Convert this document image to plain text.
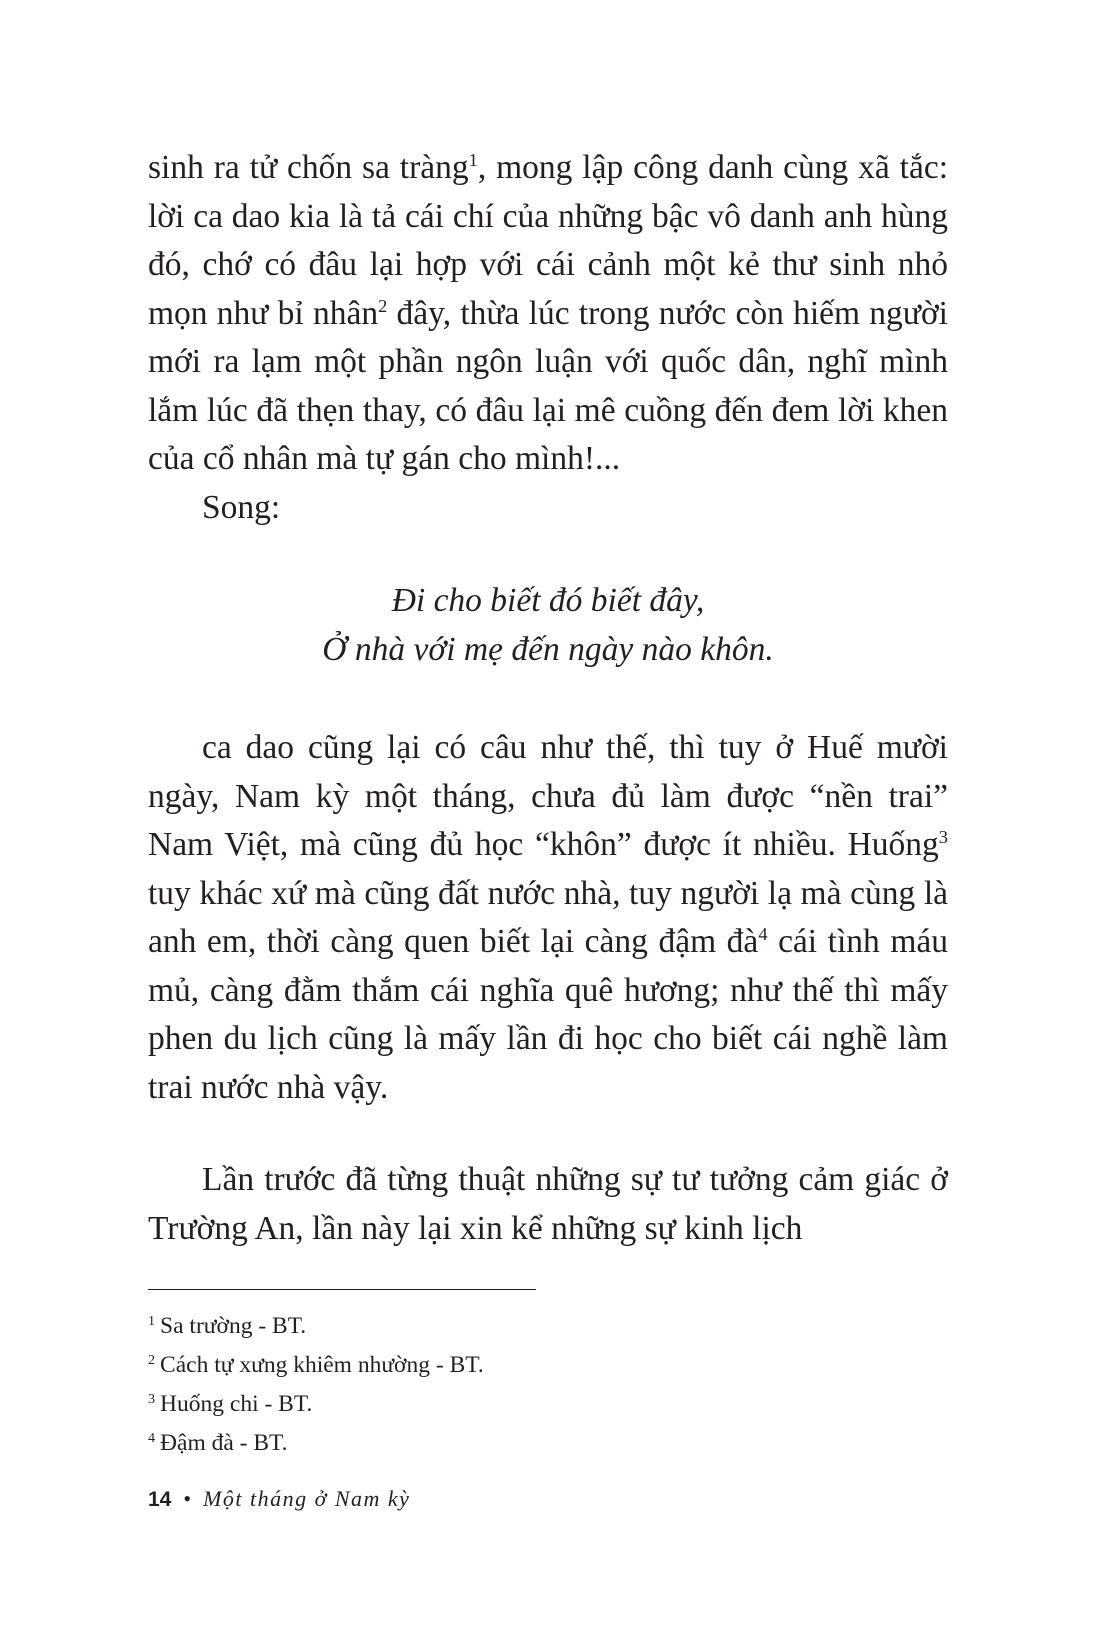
sinh ra tử chốn sa tràng$^1$, mong lập công danh cùng xã tắc: lời ca dao kia là tả cái chí của những bậc vô danh anh hùng đó, chớ có đâu lại hợp với cái cảnh một kẻ thư sinh nhỏ mọn như bỉ nhân$^2$ đây, thừa lúc trong nước còn hiếm người mới ra lạm một phần ngôn luận với quốc dân, nghĩ mình lắm lúc đã thẹn thay, có đâu lại mê cuồng đến đem lời khen của cổ nhân mà tự gán cho mình!...

Song:

Đi cho biết đó biết đây,
Ở nhà với mẹ đến ngày nào khôn.

ca dao cũng lại có câu như thế, thì tuy ở Huế mười ngày, Nam kỳ một tháng, chưa đủ làm được “nền trai” Nam Việt, mà cũng đủ học “khôn” được ít nhiều. Huống$^3$ tuy khác xứ mà cũng đất nước nhà, tuy người lạ mà cùng là anh em, thời càng quen biết lại càng đậm đà$^4$ cái tình máu mủ, càng đằm thắm cái nghĩa quê hương; như thế thì mấy phen du lịch cũng là mấy lần đi học cho biết cái nghề làm trai nước nhà vậy.

Lần trước đã từng thuật những sự tư tưởng cảm giác ở Trường An, lần này lại xin kể những sự kinh lịch

$^1$ Sa trường - BT.
$^2$ Cách tự xưng khiêm nhường - BT.
$^3$ Huống chi - BT.
$^4$ Đậm đà - BT.
14 • Một tháng ở Nam kỳ
